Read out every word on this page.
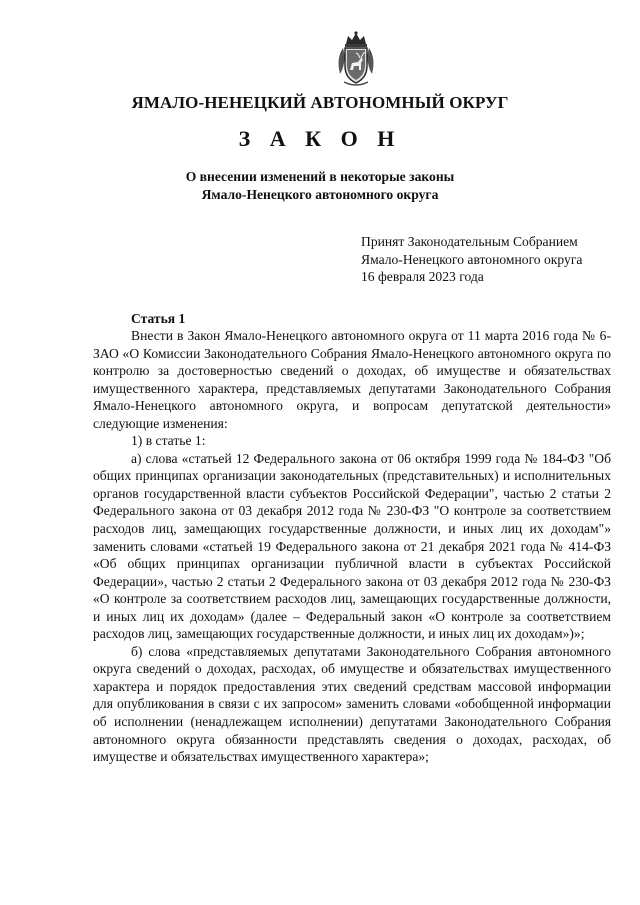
ЯМАЛО-НЕНЕЦКИЙ АВТОНОМНЫЙ ОКРУГ
З А К О Н
О внесении изменений в некоторые законы
Ямало-Ненецкого автономного округа
Принят Законодательным Собранием
Ямало-Ненецкого автономного округа
16 февраля 2023 года
Статья 1

Внести в Закон Ямало-Ненецкого автономного округа от 11 марта 2016 года № 6-ЗАО «О Комиссии Законодательного Собрания Ямало-Ненецкого автономного округа по контролю за достоверностью сведений о доходах, об имуществе и обязательствах имущественного характера, представляемых депутатами Законодательного Собрания Ямало-Ненецкого автономного округа, и вопросам депутатской деятельности» следующие изменения:

1) в статье 1:

а) слова «статьей 12 Федерального закона от 06 октября 1999 года № 184-ФЗ "Об общих принципах организации законодательных (представительных) и исполнительных органов государственной власти субъектов Российской Федерации", частью 2 статьи 2 Федерального закона от 03 декабря 2012 года № 230-ФЗ "О контроле за соответствием расходов лиц, замещающих государственные должности, и иных лиц их доходам"» заменить словами «статьей 19 Федерального закона от 21 декабря 2021 года № 414-ФЗ «Об общих принципах организации публичной власти в субъектах Российской Федерации», частью 2 статьи 2 Федерального закона от 03 декабря 2012 года № 230-ФЗ «О контроле за соответствием расходов лиц, замещающих государственные должности, и иных лиц их доходам» (далее – Федеральный закон «О контроле за соответствием расходов лиц, замещающих государственные должности, и иных лиц их доходам»)»;

б) слова «представляемых депутатами Законодательного Собрания автономного округа сведений о доходах, расходах, об имуществе и обязательствах имущественного характера и порядок предоставления этих сведений средствам массовой информации для опубликования в связи с их запросом» заменить словами «обобщенной информации об исполнении (ненадлежащем исполнении) депутатами Законодательного Собрания автономного округа обязанности представлять сведения о доходах, расходах, об имуществе и обязательствах имущественного характера»;
